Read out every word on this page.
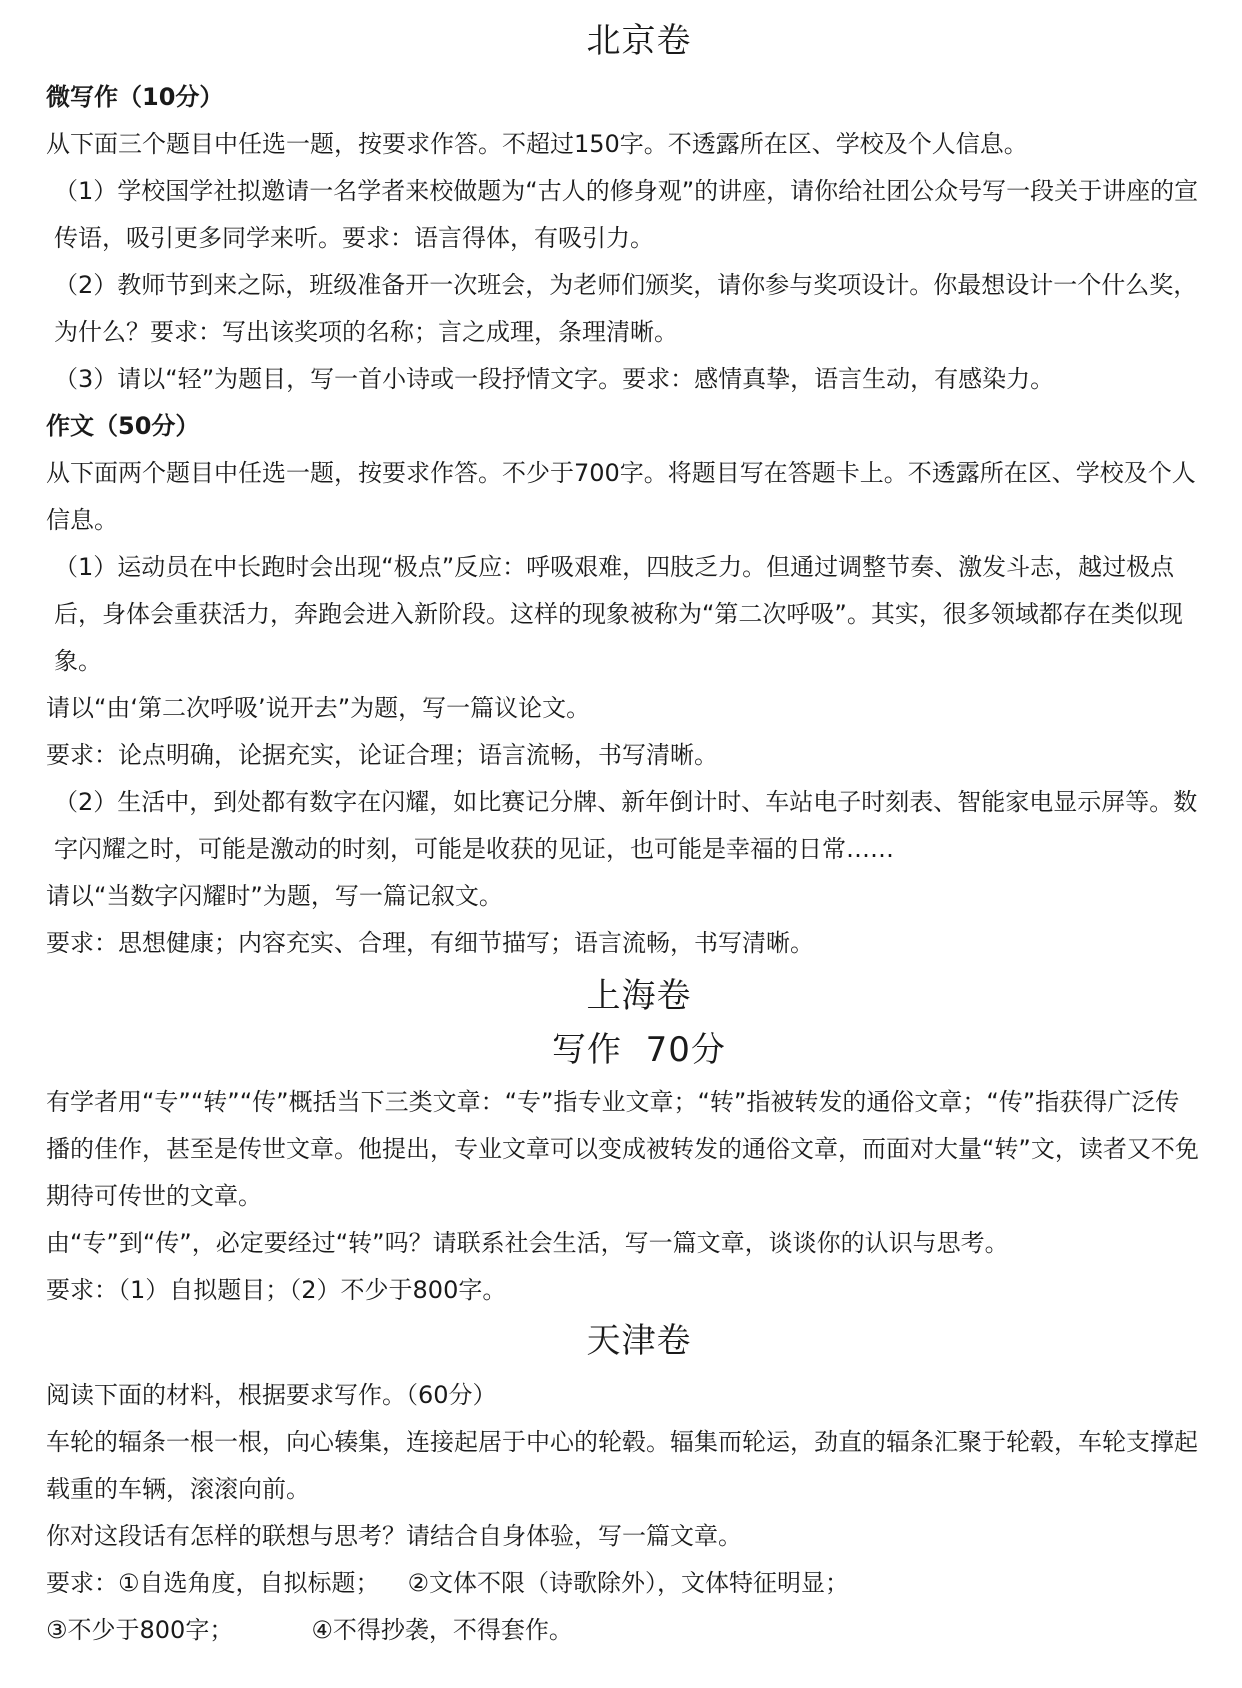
北京卷

微写作（10分）

从下面三个题目中任选一题，按要求作答。不超过150字。不透露所在区、学校及个人信息。

（1）学校国学社拟邀请一名学者来校做题为“古人的修身观”的讲座，请你给社团公众号写一段关于讲座的宣传语，吸引更多同学来听。要求：语言得体，有吸引力。

（2）教师节到来之际，班级准备开一次班会，为老师们颁奖，请你参与奖项设计。你最想设计一个什么奖，为什么？要求：写出该奖项的名称；言之成理，条理清晰。

（3）请以“轻”为题目，写一首小诗或一段抒情文字。要求：感情真挚，语言生动，有感染力。

作文（50分）

从下面两个题目中任选一题，按要求作答。不少于700字。将题目写在答题卡上。不透露所在区、学校及个人信息。

（1）运动员在中长跑时会出现“极点”反应：呼吸艰难，四肢乏力。但通过调整节奏、激发斗志，越过极点后，身体会重获活力，奔跑会进入新阶段。这样的现象被称为“第二次呼吸”。其实，很多领域都存在类似现象。

请以“由‘第二次呼吸’说开去”为题，写一篇议论文。

要求：论点明确，论据充实，论证合理；语言流畅，书写清晰。

（2）生活中，到处都有数字在闪耀，如比赛记分牌、新年倒计时、车站电子时刻表、智能家电显示屏等。数字闪耀之时，可能是激动的时刻，可能是收获的见证，也可能是幸福的日常……

请以“当数字闪耀时”为题，写一篇记叙文。

要求：思想健康；内容充实、合理，有细节描写；语言流畅，书写清晰。

上海卷
写作  70分

有学者用“专”“转”“传”概括当下三类文章：“专”指专业文章；“转”指被转发的通俗文章；“传”指获得广泛传播的佳作，甚至是传世文章。他提出，专业文章可以变成被转发的通俗文章，而面对大量“转”文，读者又不免期待可传世的文章。

由“专”到“传”，必定要经过“转”吗？请联系社会生活，写一篇文章，谈谈你的认识与思考。

要求：（1）自拟题目；（2）不少于800字。

天津卷

阅读下面的材料，根据要求写作。（60分）

车轮的辐条一根一根，向心辏集，连接起居于中心的轮毂。辐集而轮运，劲直的辐条汇聚于轮毂，车轮支撑起载重的车辆，滚滚向前。

你对这段话有怎样的联想与思考？请结合自身体验，写一篇文章。

要求：①自选角度，自拟标题； ②文体不限（诗歌除外），文体特征明显；

③不少于800字；	④不得抄袭，不得套作。
